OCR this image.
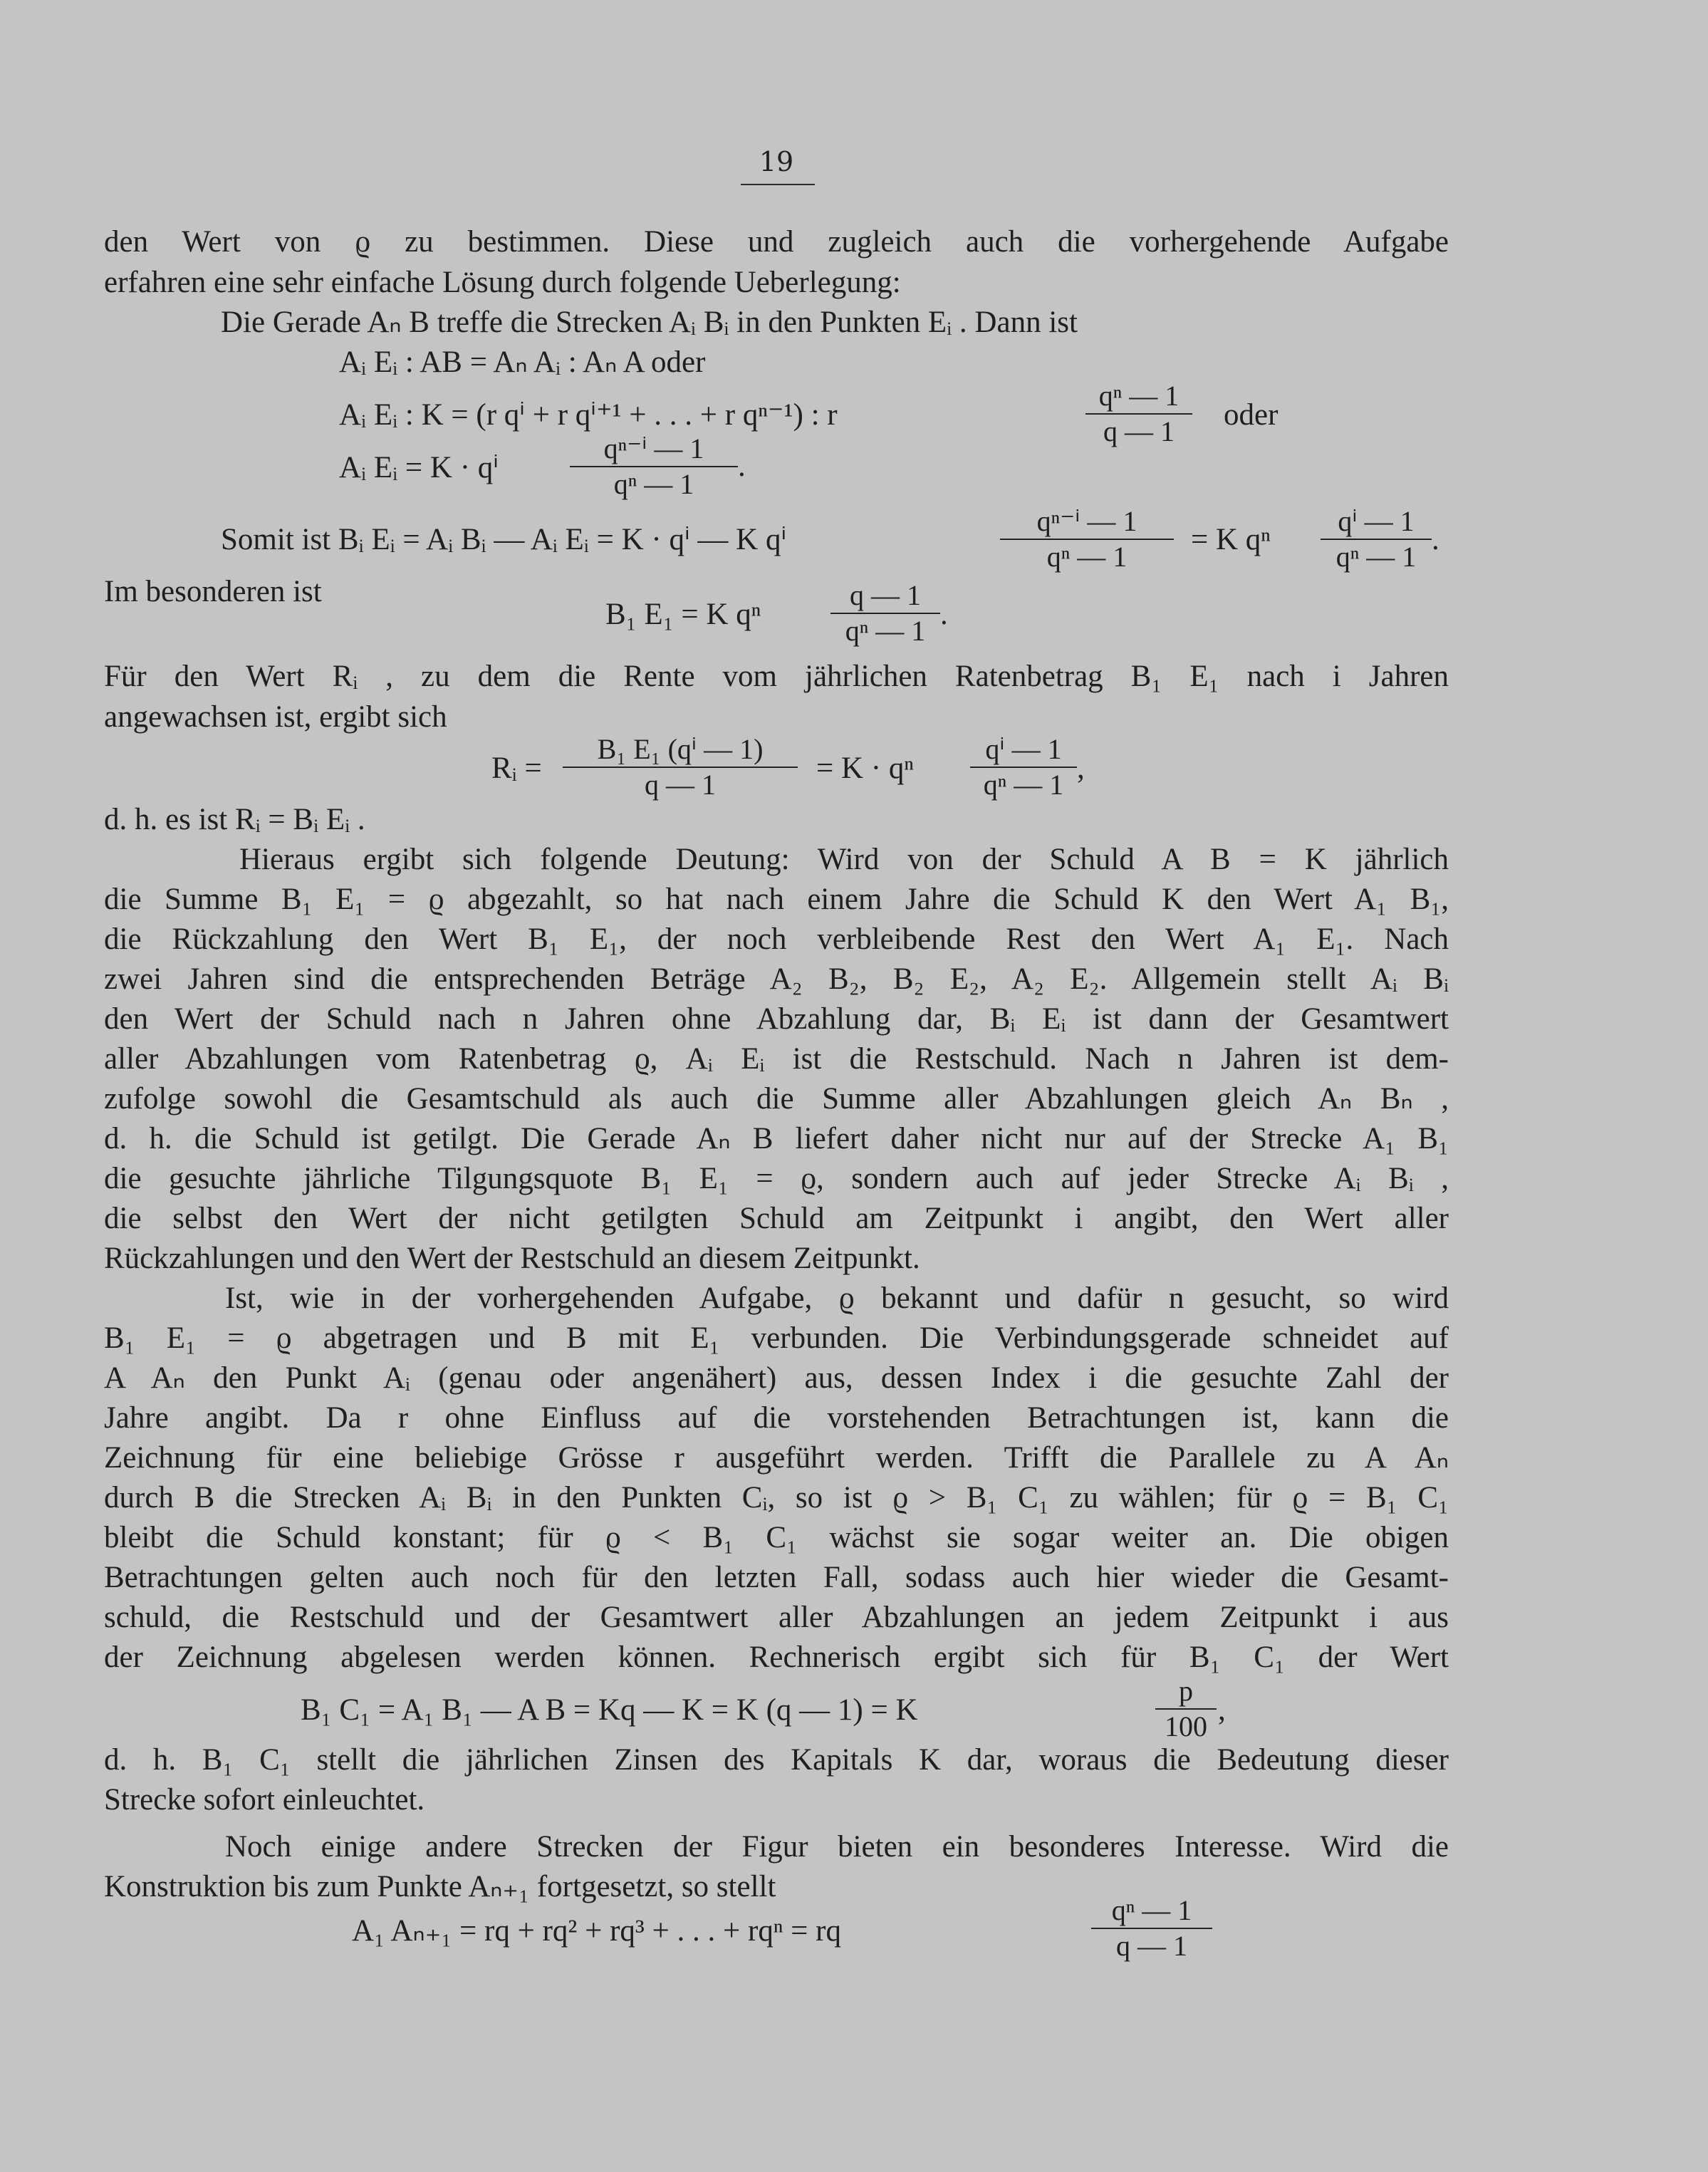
19
den Wert von ϱ zu bestimmen. Diese und zugleich auch die vorhergehende Aufgabe
erfahren eine sehr einfache Lösung durch folgende Ueberlegung:
Die Gerade Aₙ B treffe die Strecken Aᵢ Bᵢ in den Punkten Eᵢ . Dann ist
Aᵢ Eᵢ : AB = Aₙ Aᵢ : Aₙ A oder
Aᵢ Eᵢ : K = (r qⁱ + r qⁱ⁺¹ + . . . + r qⁿ⁻¹) : r	$\frac{\text{qⁿ — 1}}{q — 1}$ oder
Aᵢ Eᵢ = K · qⁱ	$\frac{\text{qⁿ⁻ⁱ — 1}}{\text{qⁿ — 1}}$ .
Somit ist Bᵢ Eᵢ = Aᵢ Bᵢ — Aᵢ Eᵢ = K · qⁱ — K qⁱ	$\frac{\text{qⁿ⁻ⁱ — 1}}{\text{qⁿ — 1}} = K$ qⁿ $\frac{\text{qⁱ — 1}}{\text{qⁿ — 1}}$ .
Im besonderen ist
B₁ E₁ = K qⁿ $\frac{q — 1}{\text{qⁿ — 1}}$ .
Für den Wert Rᵢ , zu dem die Rente vom jährlichen Ratenbetrag B₁ E₁ nach i Jahren
angewachsen ist, ergibt sich
Rᵢ = $\frac{\text{B₁ E₁ (qⁱ — 1)}}{q — 1} = K \cdot q^n \frac{\text{qⁱ — 1}}{\text{qⁿ — 1}}$ ,
d. h. es ist Rᵢ = Bᵢ Eᵢ .
Hieraus ergibt sich folgende Deutung: Wird von der Schuld A B = K jährlich
die Summe B₁ E₁ = ϱ abgezahlt, so hat nach einem Jahre die Schuld K den Wert A₁ B₁,
die Rückzahlung den Wert B₁ E₁, der noch verbleibende Rest den Wert A₁ E₁. Nach
zwei Jahren sind die entsprechenden Beträge A₂ B₂, B₂ E₂, A₂ E₂. Allgemein stellt Aᵢ Bᵢ
den Wert der Schuld nach n Jahren ohne Abzahlung dar, Bᵢ Eᵢ ist dann der Gesamtwert
aller Abzahlungen vom Ratenbetrag ϱ, Aᵢ Eᵢ ist die Restschuld. Nach n Jahren ist dem-
zufolge sowohl die Gesamtschuld als auch die Summe aller Abzahlungen gleich Aₙ Bₙ ,
d. h. die Schuld ist getilgt. Die Gerade Aₙ B liefert daher nicht nur auf der Strecke A₁ B₁
die gesuchte jährliche Tilgungsquote B₁ E₁ = ϱ, sondern auch auf jeder Strecke Aᵢ Bᵢ ,
die selbst den Wert der nicht getilgten Schuld am Zeitpunkt i angibt, den Wert aller
Rückzahlungen und den Wert der Restschuld an diesem Zeitpunkt.
Ist, wie in der vorhergehenden Aufgabe, ϱ bekannt und dafür n gesucht, so wird
B₁ E₁ = ϱ abgetragen und B mit E₁ verbunden. Die Verbindungsgerade schneidet auf
A Aₙ den Punkt Aᵢ (genau oder angenähert) aus, dessen Index i die gesuchte Zahl der
Jahre angibt. Da r ohne Einfluss auf die vorstehenden Betrachtungen ist, kann die
Zeichnung für eine beliebige Grösse r ausgeführt werden. Trifft die Parallele zu A Aₙ
durch B die Strecken Aᵢ Bᵢ in den Punkten Cᵢ, so ist ϱ > B₁ C₁ zu wählen; für ϱ = B₁ C₁
bleibt die Schuld konstant; für ϱ < B₁ C₁ wächst sie sogar weiter an. Die obigen
Betrachtungen gelten auch noch für den letzten Fall, sodass auch hier wieder die Gesamt-
schuld, die Restschuld und der Gesamtwert aller Abzahlungen an jedem Zeitpunkt i aus
der Zeichnung abgelesen werden können. Rechnerisch ergibt sich für B₁ C₁ der Wert
B₁ C₁ = A₁ B₁ — A B = Kq — K = K (q — 1) = K	$\frac{p}{100}$ ,
d. h. B₁ C₁ stellt die jährlichen Zinsen des Kapitals K dar, woraus die Bedeutung dieser
Strecke sofort einleuchtet.
Noch einige andere Strecken der Figur bieten ein besonderes Interesse. Wird die
Konstruktion bis zum Punkte Aₙ₊₁ fortgesetzt, so stellt
A₁ Aₙ₊₁ = rq + rq² + rq³ + . . . + rqⁿ = rq	$\frac{\text{qⁿ — 1}}{q — 1}$
